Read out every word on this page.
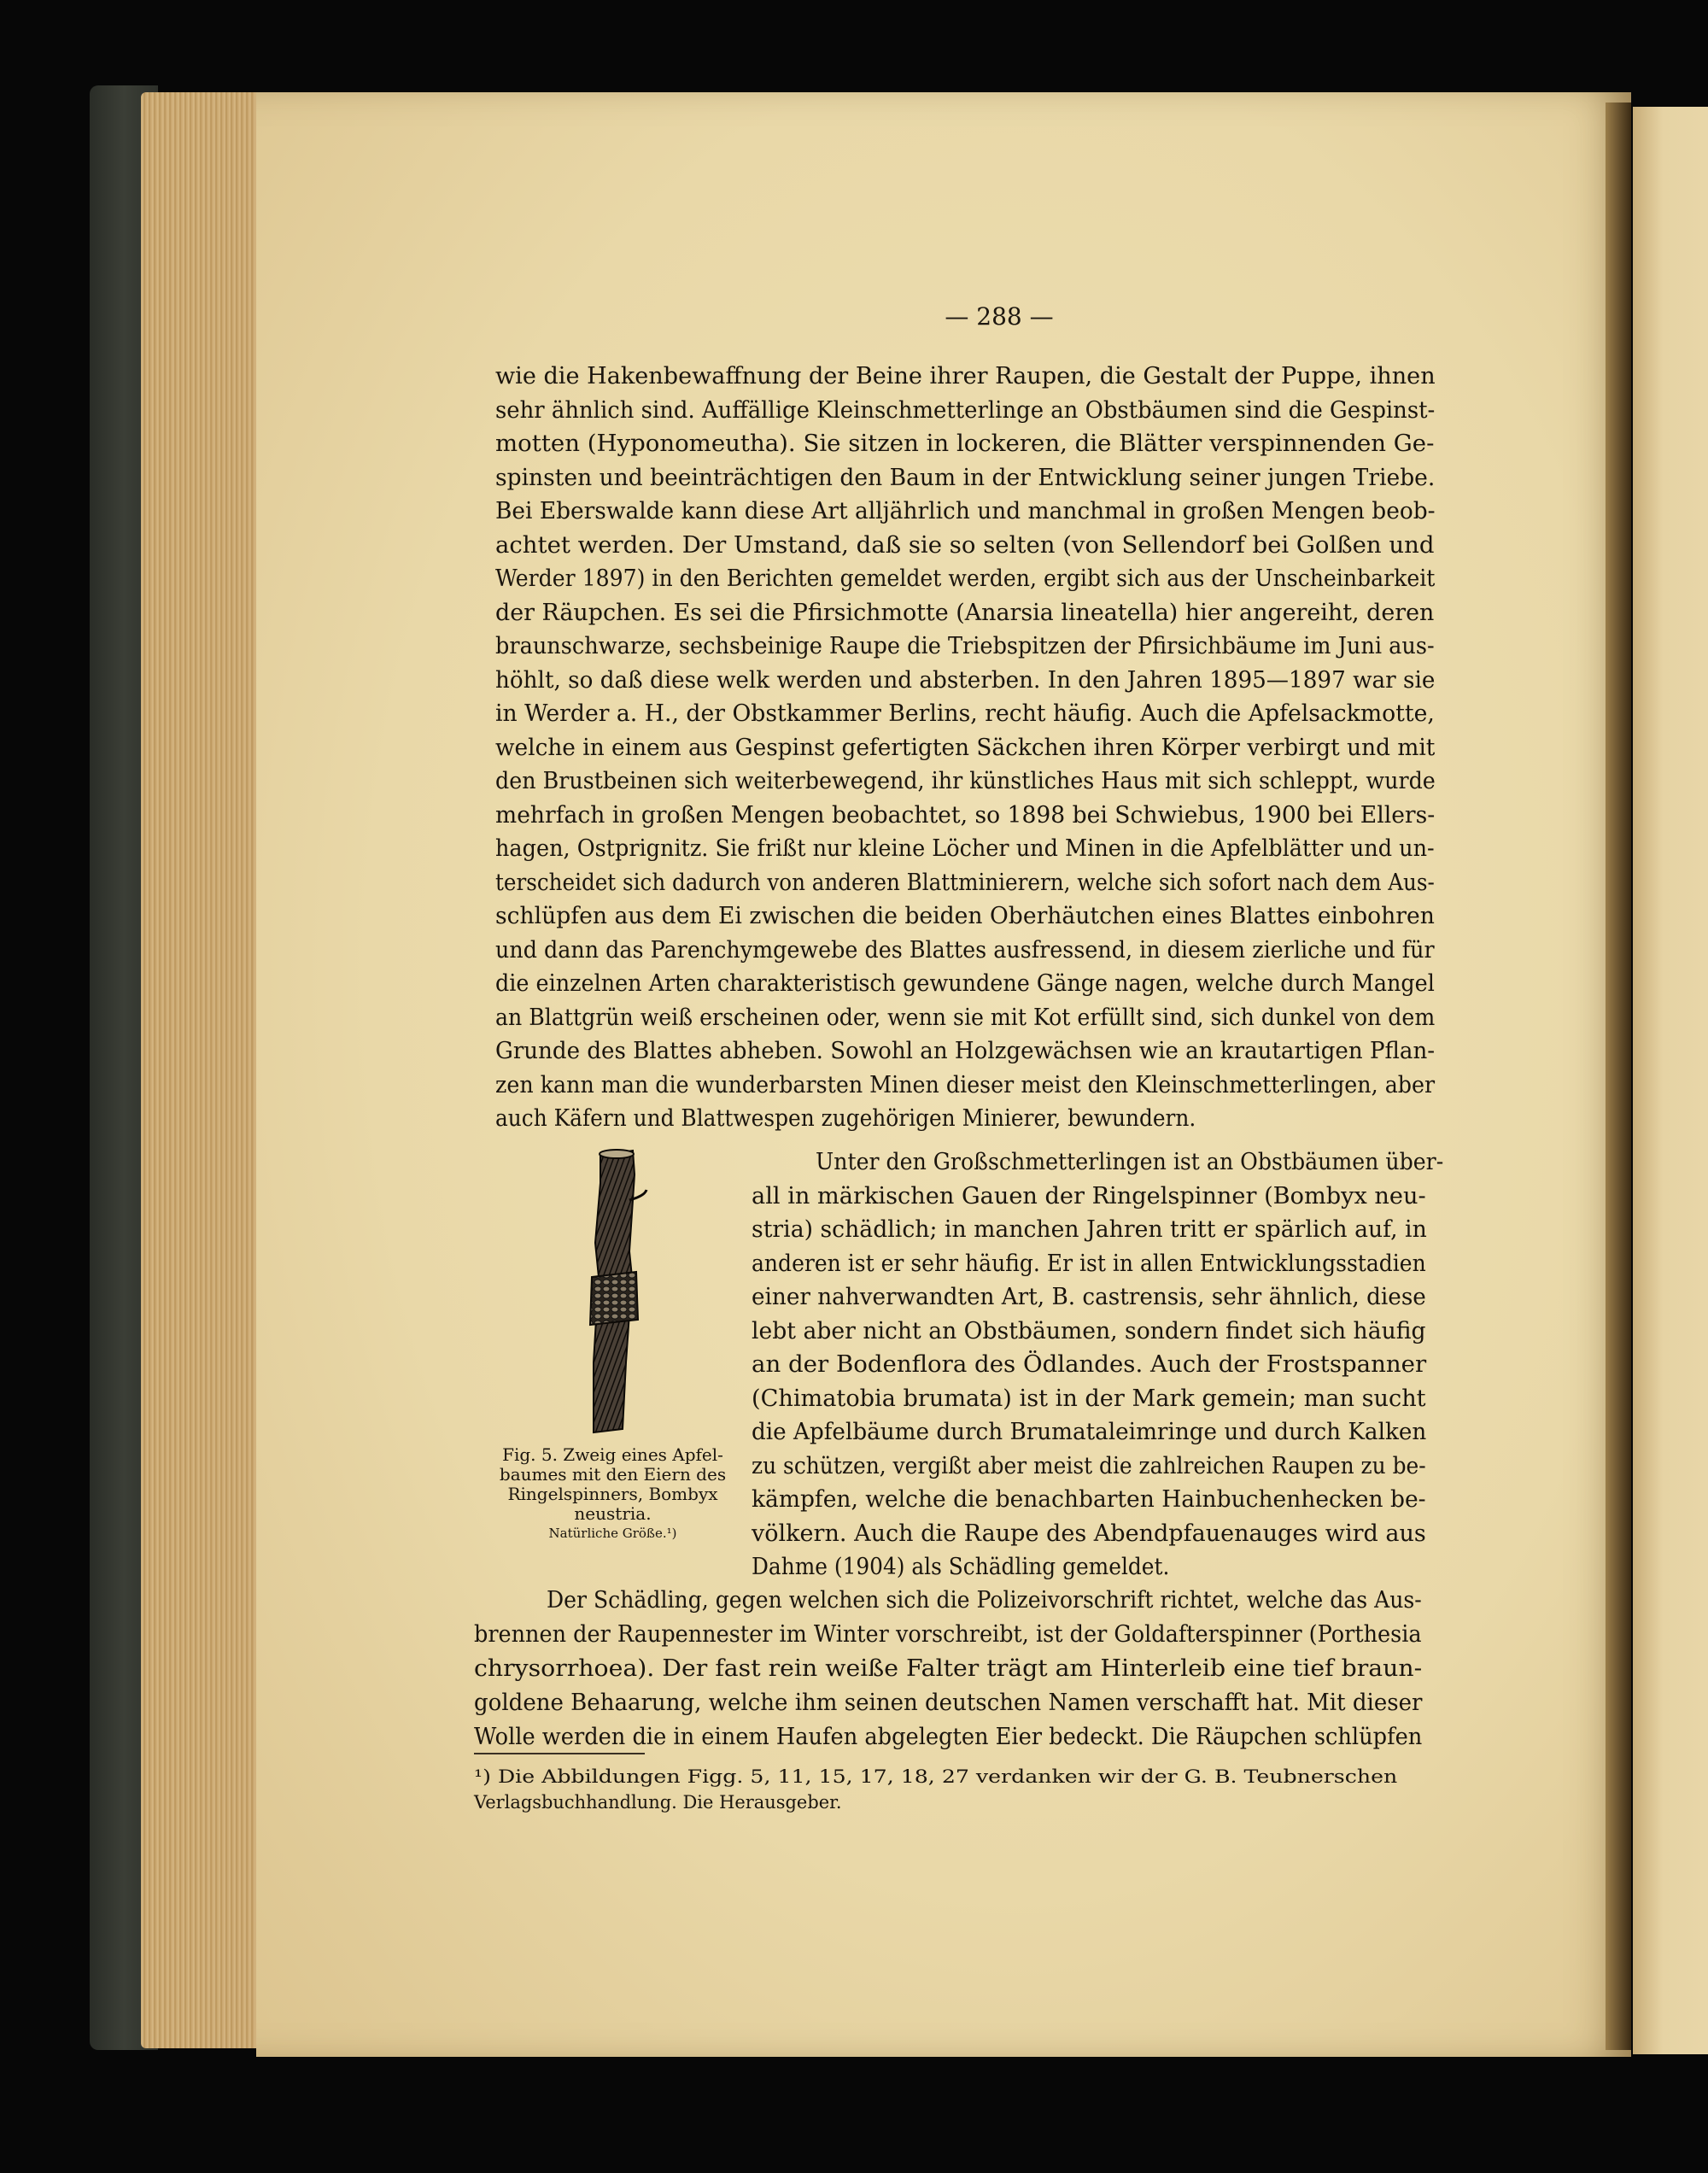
— 288 —
wie die Hakenbewaffnung der Beine ihrer Raupen, die Gestalt der Puppe, ihnen
sehr ähnlich sind. Auffällige Kleinschmetterlinge an Obstbäumen sind die Gespinst-
motten (Hyponomeutha). Sie sitzen in lockeren, die Blätter verspinnenden Ge-
spinsten und beeinträchtigen den Baum in der Entwicklung seiner jungen Triebe.
Bei Eberswalde kann diese Art alljährlich und manchmal in großen Mengen beob-
achtet werden. Der Umstand, daß sie so selten (von Sellendorf bei Golßen und
Werder 1897) in den Berichten gemeldet werden, ergibt sich aus der Unscheinbarkeit
der Räupchen. Es sei die Pfirsichmotte (Anarsia lineatella) hier angereiht, deren
braunschwarze, sechsbeinige Raupe die Triebspitzen der Pfirsichbäume im Juni aus-
höhlt, so daß diese welk werden und absterben. In den Jahren 1895—1897 war sie
in Werder a. H., der Obstkammer Berlins, recht häufig. Auch die Apfelsackmotte,
welche in einem aus Gespinst gefertigten Säckchen ihren Körper verbirgt und mit
den Brustbeinen sich weiterbewegend, ihr künstliches Haus mit sich schleppt, wurde
mehrfach in großen Mengen beobachtet, so 1898 bei Schwiebus, 1900 bei Ellers-
hagen, Ostprignitz. Sie frißt nur kleine Löcher und Minen in die Apfelblätter und un-
terscheidet sich dadurch von anderen Blattminierern, welche sich sofort nach dem Aus-
schlüpfen aus dem Ei zwischen die beiden Oberhäutchen eines Blattes einbohren
und dann das Parenchymgewebe des Blattes ausfressend, in diesem zierliche und für
die einzelnen Arten charakteristisch gewundene Gänge nagen, welche durch Mangel
an Blattgrün weiß erscheinen oder, wenn sie mit Kot erfüllt sind, sich dunkel von dem
Grunde des Blattes abheben. Sowohl an Holzgewächsen wie an krautartigen Pflan-
zen kann man die wunderbarsten Minen dieser meist den Kleinschmetterlingen, aber
auch Käfern und Blattwespen zugehörigen Minierer, bewundern.
Unter den Großschmetterlingen ist an Obstbäumen über-
all in märkischen Gauen der Ringelspinner (Bombyx neu-
stria) schädlich; in manchen Jahren tritt er spärlich auf, in
anderen ist er sehr häufig. Er ist in allen Entwicklungsstadien
einer nahverwandten Art, B. castrensis, sehr ähnlich, diese
lebt aber nicht an Obstbäumen, sondern findet sich häufig
an der Bodenflora des Ödlandes. Auch der Frostspanner
(Chimatobia brumata) ist in der Mark gemein; man sucht
die Apfelbäume durch Brumataleimringe und durch Kalken
zu schützen, vergißt aber meist die zahlreichen Raupen zu be-
kämpfen, welche die benachbarten Hainbuchenhecken be-
völkern. Auch die Raupe des Abendpfauenauges wird aus
Dahme (1904) als Schädling gemeldet.
Der Schädling, gegen welchen sich die Polizeivorschrift richtet, welche das Aus-
brennen der Raupennester im Winter vorschreibt, ist der Goldafterspinner (Porthesia
chrysorrhoea). Der fast rein weiße Falter trägt am Hinterleib eine tief braun-
goldene Behaarung, welche ihm seinen deutschen Namen verschafft hat. Mit dieser
Wolle werden die in einem Haufen abgelegten Eier bedeckt. Die Räupchen schlüpfen
Fig. 5. Zweig eines Apfel-
baumes mit den Eiern des
Ringelspinners, Bombyx
neustria.
Natürliche Größe.¹)
¹) Die Abbildungen Figg. 5, 11, 15, 17, 18, 27 verdanken wir der G. B. Teubnerschen
Verlagsbuchhandlung. Die Herausgeber.
